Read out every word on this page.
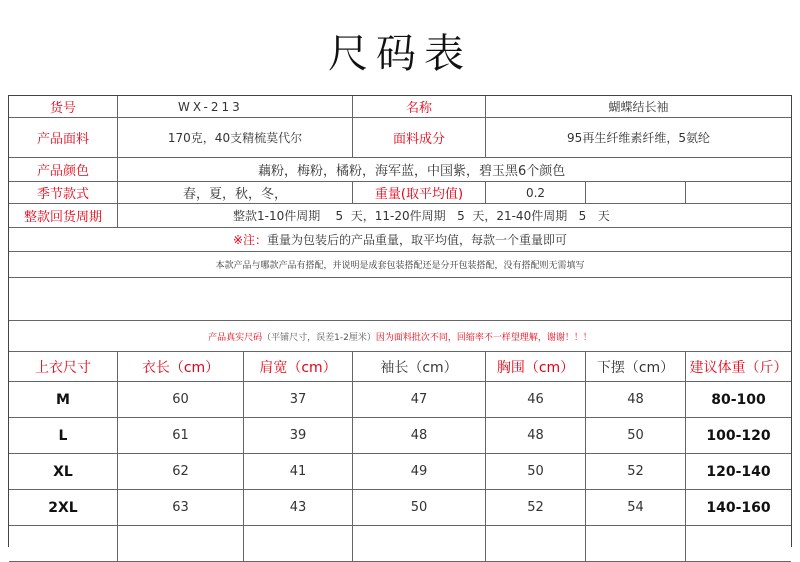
尺码表
货号	WX-213	名称	蝴蝶结长袖
产品面料	170克，40支精梳莫代尔	面料成分	95再生纤维素纤维，5氨纶
产品颜色	藕粉，梅粉，橘粉，海军蓝，中国紫，碧玉黑6个颜色
季节款式	春，夏，秋，冬，	重量(取平均值)	0.2
整款回货周期	整款1-10件周期    5  天，11-20件周期   5  天，21-40件周期   5   天
※注： 重量为包装后的产品重量，取平均值，每款一个重量即可
本款产品与哪款产品有搭配，并说明是成套包装搭配还是分开包装搭配，没有搭配则无需填写
产品真实尺码 （平铺尺寸，误差1-2厘米） 因为面料批次不同，回缩率不一样望理解，谢谢！！！
上衣尺寸	衣长（cm）	肩宽（cm）	袖长（cm）	胸围（cm）	下摆（cm）	建议体重（斤）
M	60	37	47	46	48	80-100
L	61	39	48	48	50	100-120
XL	62	41	49	50	52	120-140
2XL	63	43	50	52	54	140-160
